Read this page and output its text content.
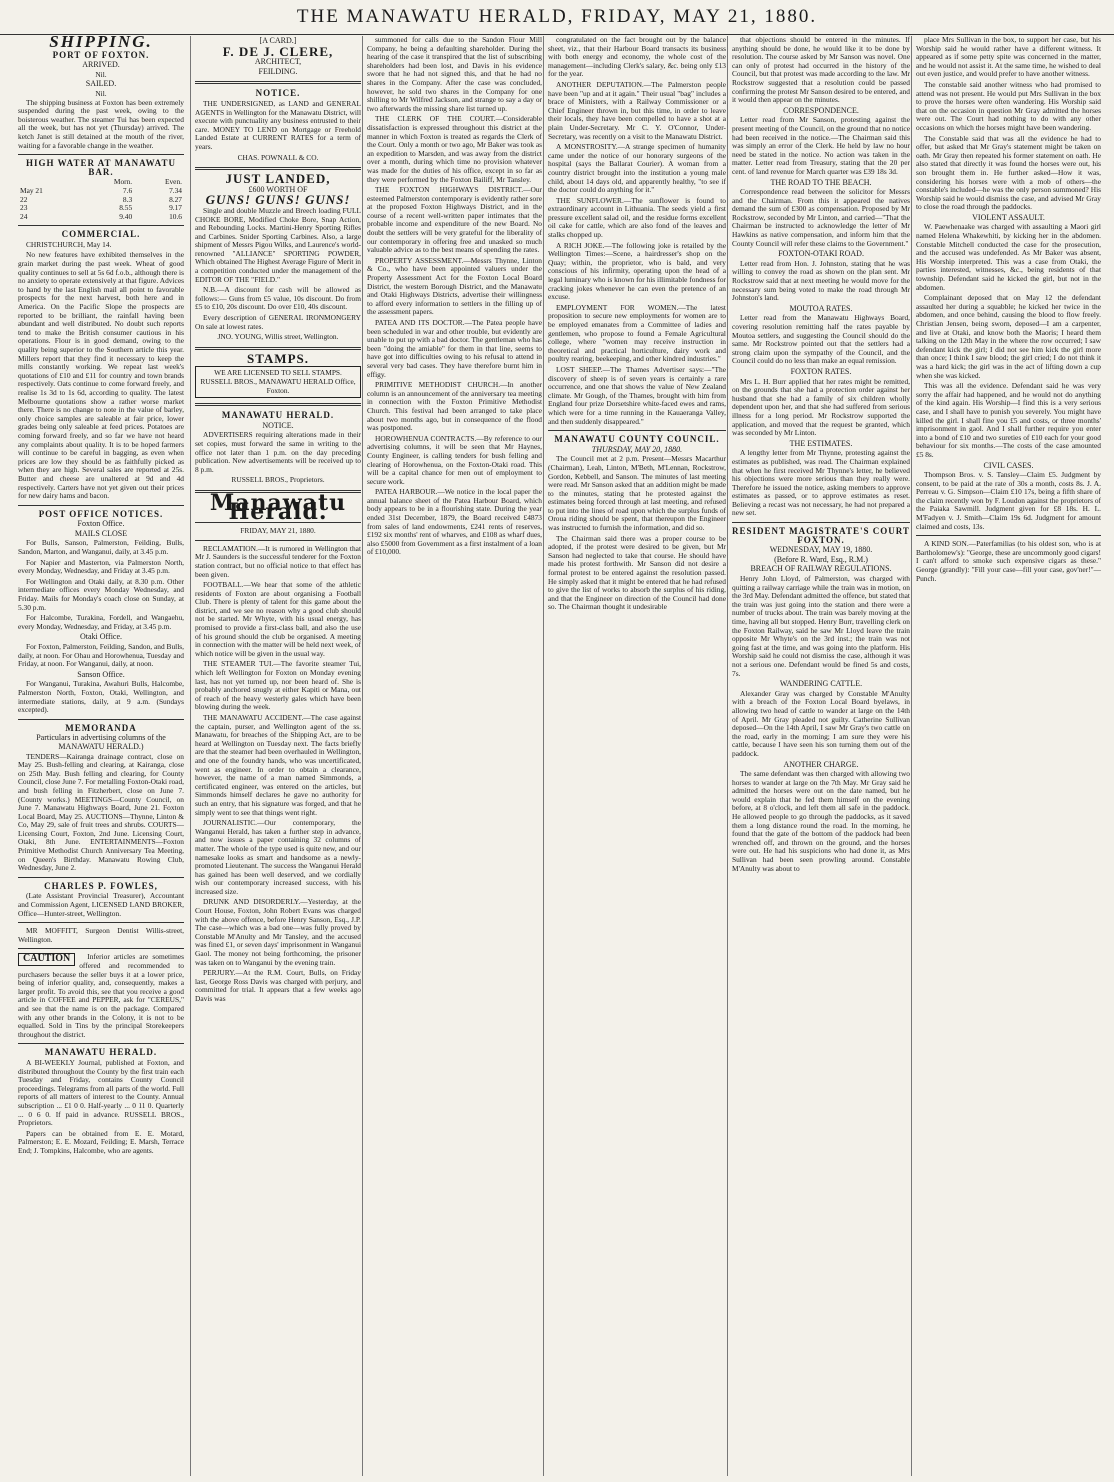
THE MANAWATU HERALD, FRIDAY, MAY 21, 1880.
SHIPPING.
PORT OF FOXTON.
ARRIVED.
Nil.
SAILED.
Nil.

The shipping business at Foxton has been extremely suspended during the past week, owing to the boisterous weather. The steamer Tui has been expected all the week, but has not yet (Thursday) arrived. The ketch Janet is still detained at the mouth of the river, waiting for a favorable change in the weather.

HIGH WATER AT MANAWATU BAR.
	Morn.	Even.
May 21	7.6	7.34
22	8.3	8.27
23	8.55	9.17
24	9.40	10.6
COMMERCIAL.

CHRISTCHURCH, May 14.

No new features have exhibited themselves in the grain market during the past week. Wheat of good quality continues to sell at 5s 6d f.o.b., although there is no anxiety to operate extensively at that figure. Advices to hand by the last English mail all point to favorable prospects for the next harvest, both here and in America. On the Pacific Slope the prospects are reported to be brilliant, the rainfall having been abundant and well distributed. No doubt such reports tend to make the British consumer cautious in his operations. Flour is in good demand, owing to the quality being superior to the Southern article this year. Millers report that they find it necessary to keep the mills constantly working. We repeat last week's quotations of £10 and £11 for country and town brands respectively. Oats continue to come forward freely, and realise 1s 3d to 1s 6d, according to quality. The latest Melbourne quotations show a rather worse market there. There is no change to note in the value of barley, only choice samples are saleable at fair price, lower grades being only saleable at feed prices. Potatoes are coming forward freely, and so far we have not heard any complaints about quality. It is to be hoped farmers will continue to be careful in bagging, as even when prices are low they should be as faithfully picked as when they are high. Several sales are reported at 25s. Butter and cheese are unaltered at 9d and 4d respectively. Carters have not yet given out their prices for new dairy hams and bacon.

POST OFFICE NOTICES.
Foxton Office.
MAILS CLOSE

For Bulls, Sanson, Palmerston, Feilding, Bulls, Sandon, Marton, and Wanganui, daily, at 3.45 p.m.

For Napier and Masterton, via Palmerston North, every Monday, Wednesday, and Friday at 3.45 p.m.

For Wellington and Otaki daily, at 8.30 p.m. Other intermediate offices every Monday Wednesday, and Friday. Mails for Monday's coach close on Sunday, at 5.30 p.m.

For Halcombe, Turakina, Fordell, and Wangaehu, every Monday, Wednesday, and Friday, at 3.45 p.m.

Otaki Office.

For Foxton, Palmerston, Feilding, Sandon, and Bulls, daily, at noon. For Ohau and Horowhenua, Tuesday and Friday, at noon. For Wanganui, daily, at noon.

Sanson Office.

For Wanganui, Turakina, Awahuri Bulls, Halcombe, Palmerston North, Foxton, Otaki, Wellington, and intermediate stations, daily, at 9 a.m. (Sundays excepted).

MEMORANDA
Particulars in advertising columns of the MANAWATU HERALD.)

TENDERS—Kairanga drainage contract, close on May 25. Bush-felling and clearing, at Kairanga, close on 25th May. Bush felling and clearing, for County Council, close June 7. For metalling Foxton-Otaki road, and bush felling in Fitzherbert, close on June 7. (County works.) MEETINGS—County Council, on June 7. Manawatu Highways Board, June 21. Foxton Local Board, May 25. AUCTIONS—Thynne, Linton & Co, May 29, sale of fruit trees and shrubs. COURTS—Licensing Court, Foxton, 2nd June. Licensing Court, Otaki, 8th June. ENTERTAINMENTS—Foxton Primitive Methodist Church Anniversary Tea Meeting, on Queen's Birthday. Manawatu Rowing Club, Wednesday, June 2.

CHARLES P. FOWLES,

(Late Assistant Provincial Treasurer), Accountant and Commission Agent, LICENSED LAND BROKER, Office—Hunter-street, Wellington.

MR MOFFITT, Surgeon Dentist Willis-street, Wellington.

CAUTION	Inferior articles are sometimes offered and recommended to purchasers because the seller buys it at a lower price, being of inferior quality, and, consequently, makes a larger profit. To avoid this, see that you receive a good article in COFFEE and PEPPER, ask for "CEREUS," and see that the name is on the package. Compared with any other brands in the Colony, it is not to be equalled. Sold in Tins by the principal Storekeepers throughout the district.

MANAWATU HERALD.

A BI-WEEKLY Journal, published at Foxton, and distributed throughout the County by the first train each Tuesday and Friday, contains County Council proceedings. Telegrams from all parts of the world. Full reports of all matters of interest to the County. Annual subscription ... £1 0 0. Half-yearly ... 0 11 0. Quarterly ... 0 6 0. If paid in advance. RUSSELL BROS., Proprietors.

Papers can be obtained from E. E. Motard, Palmerston; E. E. Mozard, Feilding; E. Marsh, Terrace End; J. Tompkins, Halcombe, who are agents.

[A CARD.]
F. DE J. CLERE,
ARCHITECT,
FEILDING.
NOTICE.

THE UNDERSIGNED, as LAND and GENERAL AGENTS in Wellington for the Manawatu District, will execute with punctuality any business entrusted to their care. MONEY TO LEND on Mortgage or Freehold Landed Estate at CURRENT RATES for a term of years.

CHAS. POWNALL & CO.
JUST LANDED,
£600 WORTH OF
GUNS! GUNS! GUNS!

Single and double Muzzle and Breech loading FULL CHOKE BORE, Modified Choke Bore, Snap Action, and Rebounding Locks. Martini-Henry Sporting Rifles and Carbines. Snider Sporting Carbines. Also, a large shipment of Messrs Pigou Wilks, and Laurence's world-renowned "ALLIANCE" SPORTING POWDER, Which obtained The Highest Average Figure of Merit in a competition conducted under the management of the EDITOR OF THE "FIELD."

N.B.—A discount for cash will be allowed as follows:— Guns from £5 value, 10s discount. Do from £5 to £10, 20s discount. Do over £10, 40s discount.

Every description of GENERAL IRONMONGERY On sale at lowest rates.

JNO. YOUNG, Willis street, Wellington.
STAMPS.
WE ARE LICENSED TO SELL STAMPS.
RUSSELL BROS., MANAWATU HERALD Office, Foxton.
MANAWATU HERALD.
NOTICE.

ADVERTISERS requiring alterations made in their set copies, must forward the same in writing to the office not later than 1 p.m. on the day preceding publication. New advertisements will be received up to 8 p.m.

RUSSELL BROS., Proprietors.
Manawatu Herald.
FRIDAY, MAY 21, 1880.

RECLAMATION.—It is rumored in Wellington that Mr J. Saunders is the successful tenderer for the Foxton station contract, but no official notice to that effect has been given.

FOOTBALL.—We hear that some of the athletic residents of Foxton are about organising a Football Club. There is plenty of talent for this game about the district, and we see no reason why a good club should not be started. Mr Whyte, with his usual energy, has promised to provide a first-class ball, and also the use of his ground should the club be organised. A meeting in connection with the matter will be held next week, of which notice will be given in the usual way.

THE STEAMER TUI.—The favorite steamer Tui, which left Wellington for Foxton on Monday evening last, has not yet turned up, nor been heard of. She is probably anchored snugly at either Kapiti or Mana, out of reach of the heavy westerly gales which have been blowing during the week.

THE MANAWATU ACCIDENT.—The case against the captain, purser, and Wellington agent of the ss. Manawatu, for breaches of the Shipping Act, are to be heard at Wellington on Tuesday next. The facts briefly are that the steamer had been overhauled in Wellington, and one of the foundry hands, who was uncertificated, went as engineer. In order to obtain a clearance, however, the name of a man named Simmonds, a certificated engineer, was entered on the articles, but Simmonds himself declares he gave no authority for such an entry, that his signature was forged, and that he simply went to see that things went right.

JOURNALISTIC.—Our contemporary, the Wanganui Herald, has taken a further step in advance, and now issues a paper containing 32 columns of matter. The whole of the type used is quite new, and our namesake looks as smart and handsome as a newly-promoted Lieutenant. The success the Wanganui Herald has gained has been well deserved, and we cordially wish our contemporary increased success, with his increased size.

DRUNK AND DISORDERLY.—Yesterday, at the Court House, Foxton, John Robert Evans was charged with the above offence, before Henry Sanson, Esq., J.P. The case—which was a bad one—was fully proved by Constable M'Anulty and Mr Tansley, and the accused was fined £1, or seven days' imprisonment in Wanganui Gaol. The money not being forthcoming, the prisoner was taken on to Wanganui by the evening train.

PERJURY.—At the R.M. Court, Bulls, on Friday last, George Ross Davis was charged with perjury, and committed for trial. It appears that a few weeks ago Davis was

summoned for calls due to the Sandon Flour Mill Company, he being a defaulting shareholder. During the hearing of the case it transpired that the list of subscribing shareholders had been lost, and Davis in his evidence swore that he had not signed this, and that he had no shares in the Company. After the case was concluded, however, he sold two shares in the Company for one shilling to Mr Wilfred Jackson, and strange to say a day or two afterwards the missing share list turned up.

THE CLERK OF THE COURT.—Considerable dissatisfaction is expressed throughout this district at the manner in which Foxton is treated as regards the Clerk of the Court. Only a month or two ago, Mr Baker was took as an expedition to Marsden, and was away from the district over a month, during which time no provision whatever was made for the duties of his office, except in so far as they were performed by the Foxton Bailiff, Mr Tansley.

THE FOXTON HIGHWAYS DISTRICT.—Our esteemed Palmerston contemporary is evidently rather sore at the proposed Foxton Highways District, and in the course of a recent well-written paper intimates that the probable income and expenditure of the new Board. No doubt the settlers will be very grateful for the liberality of our contemporary in offering free and unasked so much valuable advice as to the best means of spending the rates.

PROPERTY ASSESSMENT.—Messrs Thynne, Linton & Co., who have been appointed valuers under the Property Assessment Act for the Foxton Local Board District, the western Borough District, and the Manawatu and Otaki Highways Districts, advertise their willingness to afford every information to settlers in the filling up of the assessment papers.

PATEA AND ITS DOCTOR.—The Patea people have been scheduled in war and other trouble, but evidently are unable to put up with a bad doctor. The gentleman who has been "doing the amiable" for them in that line, seems to have got into difficulties owing to his refusal to attend in several very bad cases. They have therefore burnt him in effigy.

PRIMITIVE METHODIST CHURCH.—In another column is an announcement of the anniversary tea meeting in connection with the Foxton Primitive Methodist Church. This festival had been arranged to take place about two months ago, but in consequence of the flood was postponed.

HOROWHENUA CONTRACTS.—By reference to our advertising columns, it will be seen that Mr Haynes, County Engineer, is calling tenders for bush felling and clearing of Horowhenua, on the Foxton-Otaki road. This will be a capital chance for men out of employment to secure work.

PATEA HARBOUR.—We notice in the local paper the annual balance sheet of the Patea Harbour Board, which body appears to be in a flourishing state. During the year ended 31st December, 1879, the Board received £4873 from sales of land endowments, £241 rents of reserves, £192 six months' rent of wharves, and £108 as wharf dues, also £5000 from Government as a first instalment of a loan of £10,000.

congratulated on the fact brought out by the balance sheet, viz., that their Harbour Board transacts its business with both energy and economy, the whole cost of the management—including Clerk's salary, &c. being only £13 for the year.

ANOTHER DEPUTATION.—The Palmerston people have been "up and at it again." Their usual "bag" includes a brace of Ministers, with a Railway Commissioner or a Chief Engineer thrown in, but this time, in order to leave their locals, they have been compelled to have a shot at a plain Under-Secretary. Mr C. Y. O'Connor, Under-Secretary, was recently on a visit to the Manawatu District.

A MONSTROSITY.—A strange specimen of humanity came under the notice of our honorary surgeons of the hospital (says the Ballarat Courier). A woman from a country district brought into the institution a young male child, about 14 days old, and apparently healthy, "to see if the doctor could do anything for it."

THE SUNFLOWER.—The sunflower is found to extraordinary account in Lithuania. The seeds yield a first pressure excellent salad oil, and the residue forms excellent oil cake for cattle, which are also fond of the leaves and stalks chopped up.

A RICH JOKE.—The following joke is retailed by the Wellington Times:—Scene, a hairdresser's shop on the Quay; within, the proprietor, who is bald, and very conscious of his infirmity, operating upon the head of a legal luminary who is known for his illimitable fondness for cracking jokes whenever he can even the pretence of an excuse.

EMPLOYMENT FOR WOMEN.—The latest proposition to secure new employments for women are to be employed emanates from a Committee of ladies and gentlemen, who propose to found a Female Agricultural college, where "women may receive instruction in theoretical and practical horticulture, dairy work and poultry rearing, beekeeping, and other kindred industries."

LOST SHEEP.—The Thames Advertiser says:—"The discovery of sheep is of seven years is certainly a rare occurrence, and one that shows the value of New Zealand climate. Mr Gough, of the Thames, brought with him from England four prize Dorsetshire white-faced ewes and rams, which were for a time running in the Kauaeranga Valley, and then suddenly disappeared."

MANAWATU COUNTY COUNCIL.
THURSDAY, MAY 20, 1880.

The Council met at 2 p.m. Present—Messrs Macarthur (Chairman), Leah, Linton, M'Beth, M'Lennan, Rockstrow, Gordon, Kebbell, and Sanson. The minutes of last meeting were read. Mr Sanson asked that an addition might be made to the minutes, stating that he protested against the estimates being forced through at last meeting, and refused to put into the lines of road upon which the surplus funds of Oroua riding should be spent, that thereupon the Engineer was instructed to furnish the information, and did so.

The Chairman said there was a proper course to be adopted, if the protest were desired to be given, but Mr Sanson had neglected to take that course. He should have made his protest forthwith. Mr Sanson did not desire a formal protest to be entered against the resolution passed. He simply asked that it might be entered that he had refused to give the list of works to absorb the surplus of his riding, and that the Engineer on direction of the Council had done so. The Chairman thought it undesirable

that objections should be entered in the minutes. If anything should be done, he would like it to be done by resolution. The course asked by Mr Sanson was novel. One can only of protest had occurred in the history of the Council, but that protest was made according to the law. Mr Rockstrow suggested that a resolution could be passed confirming the protest Mr Sanson desired to be entered, and it would then appear on the minutes.

CORRESPONDENCE.

Letter read from Mr Sanson, protesting against the present meeting of the Council, on the ground that no notice had been received in the notice.—The Chairman said this was simply an error of the Clerk. He held by law no hour need be stated in the notice. No action was taken in the matter. Letter read from Treasury, stating that the 20 per cent. of land revenue for March quarter was £39 18s 3d.

THE ROAD TO THE BEACH.

Correspondence read between the solicitor for Messrs and the Chairman. From this it appeared the natives demand the sum of £300 as compensation. Proposed by Mr Rockstrow, seconded by Mr Linton, and carried—"That the Chairman be instructed to acknowledge the letter of Mr Hawkins as native compensation, and inform him that the County Council will refer these claims to the Government."

FOXTON-OTAKI ROAD.

Letter read from Hon. J. Johnston, stating that he was willing to convey the road as shown on the plan sent. Mr Rockstrow said that at next meeting he would move for the necessary sum being voted to make the road through Mr Johnston's land.

MOUTOA RATES.

Letter read from the Manawatu Highways Board, covering resolution remitting half the rates payable by Moutoa settlers, and suggesting the Council should do the same. Mr Rockstrow pointed out that the settlers had a strong claim upon the sympathy of the Council, and the Council could do no less than make an equal remission.

FOXTON RATES.

Mrs L. H. Burr applied that her rates might be remitted, on the grounds that she had a protection order against her husband that she had a family of six children wholly dependent upon her, and that she had suffered from serious illness for a long period. Mr Rockstrow supported the application, and moved that the request be granted, which was seconded by Mr Linton.

THE ESTIMATES.

A lengthy letter from Mr Thynne, protesting against the estimates as published, was read. The Chairman explained that when he first received Mr Thynne's letter, he believed his objections were more serious than they really were. Therefore he issued the notice, asking members to approve estimates as passed, or to approve estimates as reset. Believing a recast was not necessary, he had not prepared a new set.

RESIDENT MAGISTRATE'S COURT FOXTON.
WEDNESDAY, MAY 19, 1880.
(Before R. Ward, Esq., R.M.)
BREACH OF RAILWAY REGULATIONS.

Henry John Lloyd, of Palmerston, was charged with quitting a railway carriage while the train was in motion, on the 3rd May. Defendant admitted the offence, but stated that the train was just going into the station and there were a number of trucks about. The train was barely moving at the time, having all but stopped. Henry Burr, travelling clerk on the Foxton Railway, said he saw Mr Lloyd leave the train opposite Mr Whyte's on the 3rd inst.; the train was not going fast at the time, and was going into the platform. His Worship said he could not dismiss the case, although it was not a serious one. Defendant would be fined 5s and costs, 7s.

WANDERING CATTLE.

Alexander Gray was charged by Constable M'Anulty with a breach of the Foxton Local Board byelaws, in allowing two head of cattle to wander at large on the 14th of April. Mr Gray pleaded not guilty. Catherine Sullivan deposed—On the 14th April, I saw Mr Gray's two cattle on the road, early in the morning; I am sure they were his cattle, because I have seen his son turning them out of the paddock.

ANOTHER CHARGE.

The same defendant was then charged with allowing two horses to wander at large on the 7th May. Mr Gray said he admitted the horses were out on the date named, but he would explain that he fed them himself on the evening before, at 8 o'clock, and left them all safe in the paddock. He allowed people to go through the paddocks, as it saved them a long distance round the road. In the morning, he found that the gate of the bottom of the paddock had been wrenched off, and thrown on the ground, and the horses were out. He had his suspicions who had done it, as Mrs Sullivan had been seen prowling around. Constable M'Anulty was about to

place Mrs Sullivan in the box, to support her case, but his Worship said he would rather have a different witness. It appeared as if some petty spite was concerned in the matter, and he would not assist it. At the same time, he wished to deal out even justice, and would prefer to have another witness.

The constable said another witness who had promised to attend was not present. He would put Mrs Sullivan in the box to prove the horses were often wandering. His Worship said that on the occasion in question Mr Gray admitted the horses were out. The Court had nothing to do with any other occasions on which the horses might have been wandering.

The Constable said that was all the evidence he had to offer, but asked that Mr Gray's statement might be taken on oath. Mr Gray then repeated his former statement on oath. He also stated that directly it was found the horses were out, his son brought them in. He further asked—How it was, considering his horses were with a mob of others—the constable's included—he was the only person summoned? His Worship said he would dismiss the case, and advised Mr Gray to close the road through the paddocks.

VIOLENT ASSAULT.

W. Paewhenaake was charged with assaulting a Maori girl named Helena Whakewhiti, by kicking her in the abdomen. Constable Mitchell conducted the case for the prosecution, and the accused was undefended. As Mr Baker was absent, His Worship interpreted. This was a case from Otaki, the parties interested, witnesses, &c., being residents of that township. Defendant said he kicked the girl, but not in the abdomen.

Complainant deposed that on May 12 the defendant assaulted her during a squabble; he kicked her twice in the abdomen, and once behind, causing the blood to flow freely. Christian Jensen, being sworn, deposed—I am a carpenter, and live at Otaki, and know both the Maoris; I heard them talking on the 12th May in the where the row occurred; I saw defendant kick the girl; I did not see him kick the girl more than once; I think I saw blood; the girl cried; I do not think it was a hard kick; the girl was in the act of lifting down a cup when she was kicked.

This was all the evidence. Defendant said he was very sorry the affair had happened, and he would not do anything of the kind again. His Worship—I find this is a very serious case, and I shall have to punish you severely. You might have killed the girl. I shall fine you £5 and costs, or three months' imprisonment in gaol. And I shall further require you enter into a bond of £10 and two sureties of £10 each for your good behaviour for six months.—The costs of the case amounted £5 8s.

CIVIL CASES.

Thompson Bros. v. S. Tansley—Claim £5. Judgment by consent, to be paid at the rate of 30s a month, costs 8s. J. A. Perreau v. G. Simpson—Claim £10 17s, being a fifth share of the claim recently won by F. Loudon against the proprietors of the Paiaka Sawmill. Judgment given for £8 18s. H. L. M'Fadyen v. J. Smith—Claim 19s 6d. Judgment for amount claimed and costs, 13s.

A KIND SON.—Paterfamilias (to his oldest son, who is at Bartholomew's): "George, these are uncommonly good cigars! I can't afford to smoke such expensive cigars as these." George (grandly): "Fill your case—fill your case, gov'ner!"—Punch.
